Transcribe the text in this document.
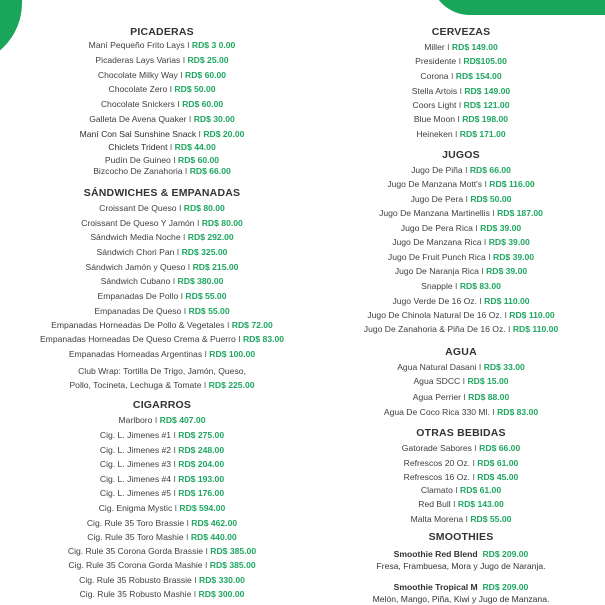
PICADERAS
Maní Pequeño Frito Lays I RD$ 3 0.00
Picaderas Lays Varias I RD$ 25.00
Chocolate Milky Way I RD$ 60.00
Chocolate Zero I RD$ 50.00
Chocolate Snickers I RD$ 60.00
Galleta De Avena Quaker I RD$ 30.00
Maní Con Sal Sunshine Snack I RD$ 20.00
Chiclets Trident I RD$ 44.00
Pudín De Guineo I RD$ 60.00
Bizcocho De Zanahoria I RD$ 66.00
SÁNDWICHES & EMPANADAS
Croissant De Queso I RD$ 80.00
Croissant De Queso Y Jamón I RD$ 80.00
Sándwich Media Noche I RD$ 292.00
Sándwich Chori Pan I RD$ 325.00
Sándwich Jamón y Queso I RD$ 215.00
Sándwich Cubano I RD$ 380.00
Empanadas De Pollo I RD$ 55.00
Empanadas De Queso I RD$ 55.00
Empanadas Horneadas De Pollo & Vegetales I RD$ 72.00
Empanadas Horneadas De Queso Crema & Puerro I RD$ 83.00
Empanadas Horneadas Argentinas I RD$ 100.00
Club Wrap: Tortilla De Trigo, Jamón, Queso,
Pollo, Tocineta, Lechuga & Tomate I RD$ 225.00
CIGARROS
Marlboro I RD$ 407.00
Cig. L. Jimenes #1 I RD$ 275.00
Cig. L. Jimenes #2 I RD$ 248.00
Cig. L. Jimenes #3 I RD$ 204.00
Cig. L. Jimenes #4 I RD$ 193.00
Cig. L. Jimenes #5 I RD$ 176.00
Cig. Enigma Mystic I RD$ 594.00
Cig. Rule 35 Toro Brassie I RD$ 462.00
Cig. Rule 35 Toro Mashie I RD$ 440.00
Cig. Rule 35 Corona Gorda Brassie I RD$ 385.00
Cig. Rule 35 Corona Gorda Mashie I RD$ 385.00
Cig. Rule 35 Robusto Brassie I RD$ 330.00
Cig. Rule 35 Robusto Mashie I RD$ 300.00
CERVEZAS
Miller I RD$ 149.00
Presidente I RD$105.00
Corona I RD$ 154.00
Stella Artois I RD$ 149.00
Coors Light I RD$ 121.00
Blue Moon I RD$ 198.00
Heineken I RD$ 171.00
JUGOS
Jugo De Piña I RD$ 66.00
Jugo De Manzana Mott's I RD$ 116.00
Jugo De Pera I RD$ 50.00
Jugo De Manzana Martinellis I RD$ 187.00
Jugo De Pera Rica I RD$ 39.00
Jugo De Manzana Rica I RD$ 39.00
Jugo De Fruit Punch Rica I RD$ 39.00
Jugo De Naranja Rica I RD$ 39.00
Snapple I RD$ 83.00
Jugo Verde De 16 Oz. I RD$ 110.00
Jugo De Chinola Natural De 16 Oz. I RD$ 110.00
Jugo De Zanahoria & Piña De 16 Oz. I RD$ 110.00
AGUA
Agua Natural Dasani I RD$ 33.00
Agua SDCC I RD$ 15.00
Agua Perrier I RD$ 88.00
Agua De Coco Rica 330 Ml. I RD$ 83.00
OTRAS BEBIDAS
Gatorade Sabores I RD$ 66.00
Refrescos 20 Oz. I RD$ 61.00
Refrescos 16 Oz. I RD$ 45.00
Clamato I RD$ 61.00
Red Bull I RD$ 143.00
Malta Morena I RD$ 55.00
SMOOTHIES
Smoothie Red Blend RD$ 209.00
Fresa, Frambuesa, Mora y Jugo de Naranja.
Smoothie Tropical M RD$ 209.00
Melón, Mango, Piña, Kiwi y Jugo de Manzana.
